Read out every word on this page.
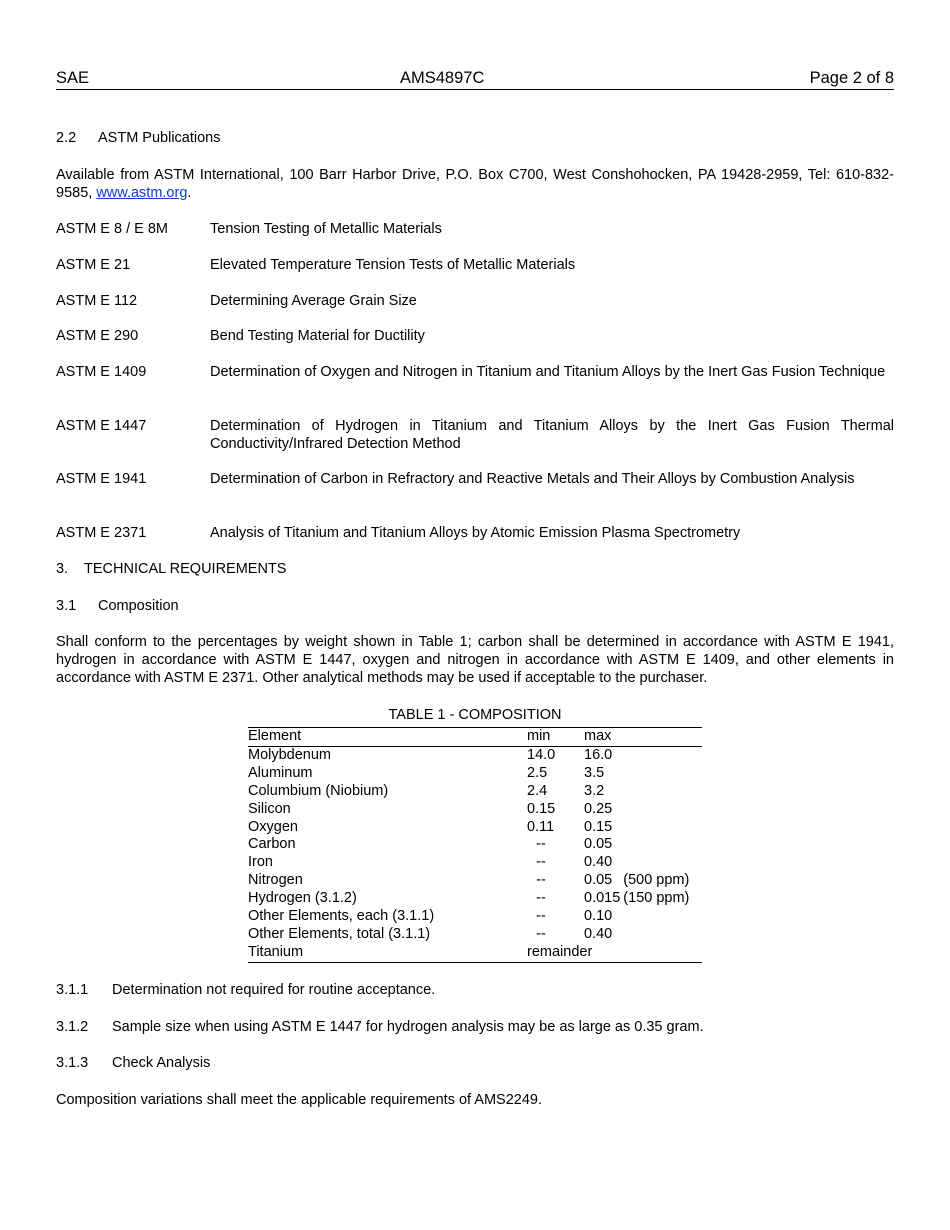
SAE	AMS4897C	Page 2 of 8
2.2 ASTM Publications
Available from ASTM International, 100 Barr Harbor Drive, P.O. Box C700, West Conshohocken, PA 19428-2959, Tel: 610-832-9585, www.astm.org.
ASTM E 8 / E 8M	Tension Testing of Metallic Materials
ASTM E 21	Elevated Temperature Tension Tests of Metallic Materials
ASTM E 112	Determining Average Grain Size
ASTM E 290	Bend Testing Material for Ductility
ASTM E 1409	Determination of Oxygen and Nitrogen in Titanium and Titanium Alloys by the Inert Gas Fusion Technique
ASTM E 1447	Determination of Hydrogen in Titanium and Titanium Alloys by the Inert Gas Fusion Thermal Conductivity/Infrared Detection Method
ASTM E 1941	Determination of Carbon in Refractory and Reactive Metals and Their Alloys by Combustion Analysis
ASTM E 2371	Analysis of Titanium and Titanium Alloys by Atomic Emission Plasma Spectrometry
3. TECHNICAL REQUIREMENTS
3.1 Composition
Shall conform to the percentages by weight shown in Table 1; carbon shall be determined in accordance with ASTM E 1941, hydrogen in accordance with ASTM E 1447, oxygen and nitrogen in accordance with ASTM E 1409, and other elements in accordance with ASTM E 2371. Other analytical methods may be used if acceptable to the purchaser.
TABLE 1 - COMPOSITION
Element	min	max
Molybdenum	14.0	16.0
Aluminum	2.5	3.5
Columbium (Niobium)	2.4	3.2
Silicon	0.15	0.25
Oxygen	0.11	0.15
Carbon	--	0.05
Iron	--	0.40
Nitrogen	--	0.05 (500 ppm)
Hydrogen (3.1.2)	--	0.015 (150 ppm)
Other Elements, each (3.1.1)	--	0.10
Other Elements, total (3.1.1)	--	0.40
Titanium	remainder	
3.1.1 Determination not required for routine acceptance.
3.1.2 Sample size when using ASTM E 1447 for hydrogen analysis may be as large as 0.35 gram.
3.1.3 Check Analysis
Composition variations shall meet the applicable requirements of AMS2249.
